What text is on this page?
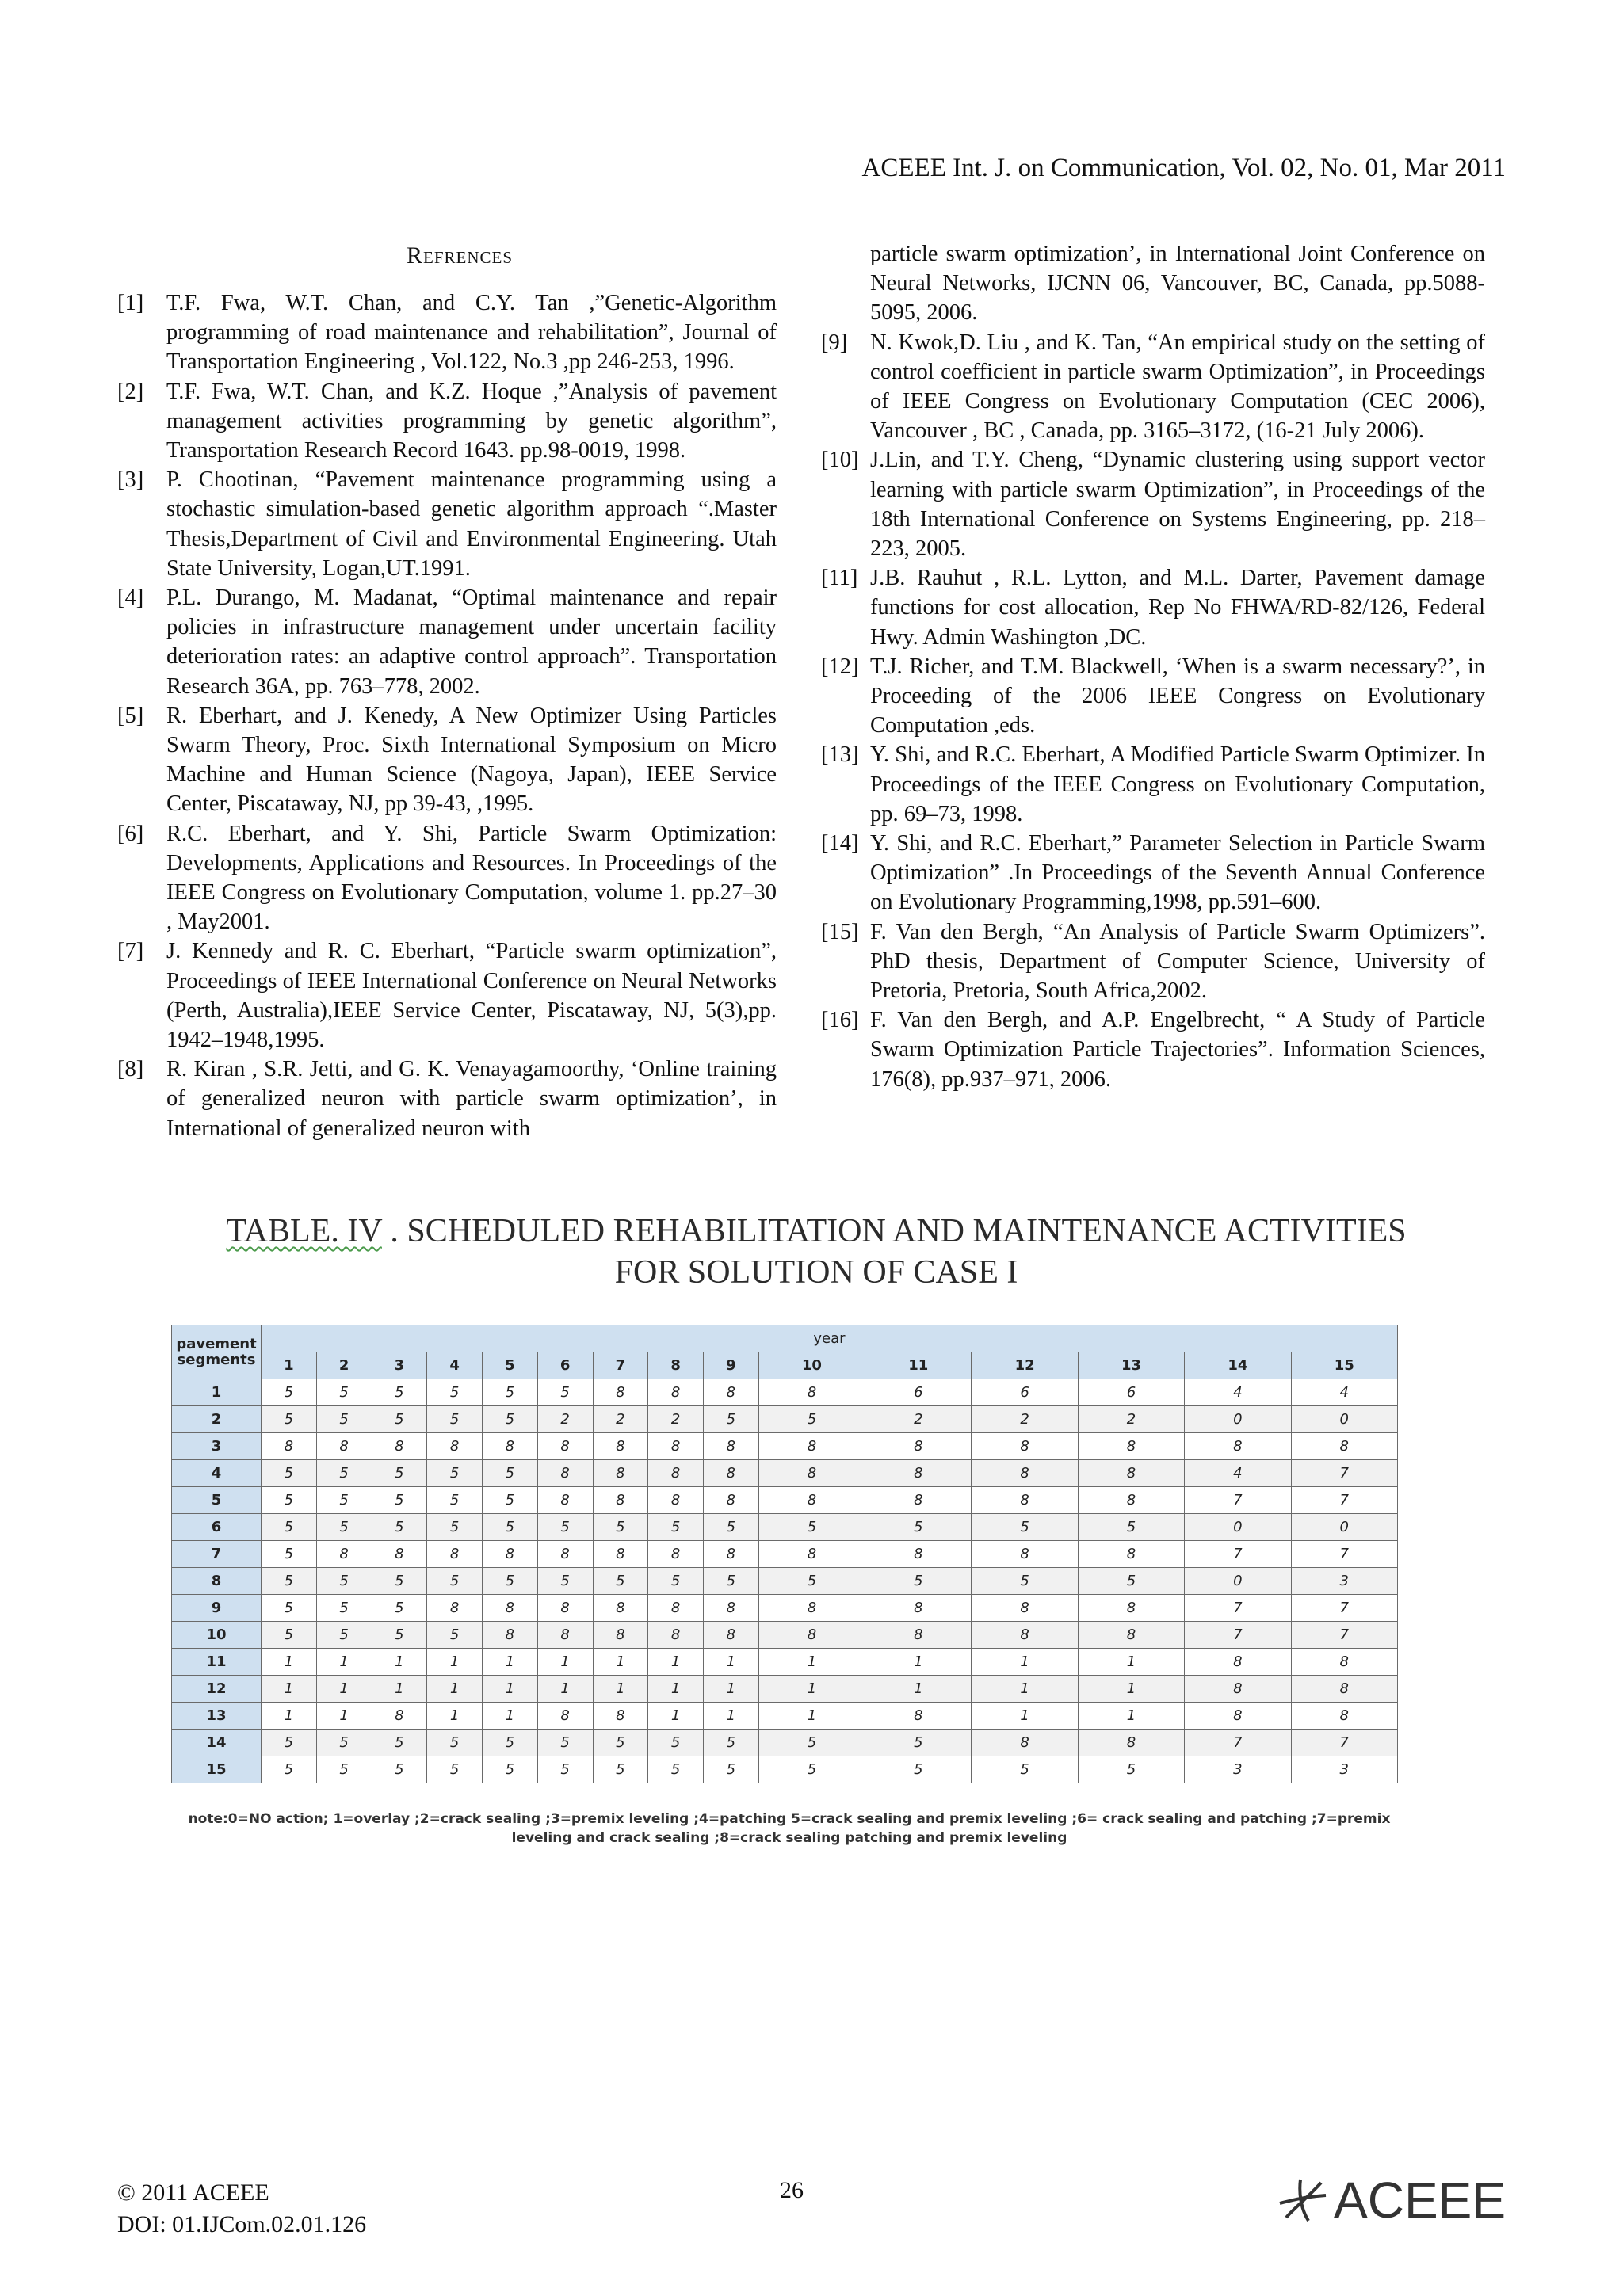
ACEEE Int. J. on Communication, Vol. 02, No. 01, Mar 2011
Refrences
[1] T.F. Fwa, W.T. Chan, and C.Y. Tan ,”Genetic-Algorithm programming of road maintenance and rehabilitation”, Journal of Transportation Engineering , Vol.122, No.3 ,pp 246-253, 1996.
[2] T.F. Fwa, W.T. Chan, and K.Z. Hoque ,”Analysis of pavement management activities programming by genetic algorithm”, Transportation Research Record 1643. pp.98-0019, 1998.
[3] P. Chootinan, “Pavement maintenance programming using a stochastic simulation-based genetic algorithm approach “.Master Thesis,Department of Civil and Environmental Engineering. Utah State University, Logan,UT.1991.
[4] P.L. Durango, M. Madanat, “Optimal maintenance and repair policies in infrastructure management under uncertain facility deterioration rates: an adaptive control approach”. Transportation Research 36A, pp. 763–778, 2002.
[5] R. Eberhart, and J. Kenedy, A New Optimizer Using Particles Swarm Theory, Proc. Sixth International Symposium on Micro Machine and Human Science (Nagoya, Japan), IEEE Service Center, Piscataway, NJ, pp 39-43, ,1995.
[6] R.C. Eberhart, and Y. Shi, Particle Swarm Optimization: Developments, Applications and Resources. In Proceedings of the IEEE Congress on Evolutionary Computation, volume 1. pp.27–30 , May2001.
[7] J. Kennedy and R. C. Eberhart, “Particle swarm optimization”, Proceedings of IEEE International Conference on Neural Networks (Perth, Australia),IEEE Service Center, Piscataway, NJ, 5(3),pp. 1942–1948,1995.
[8] R. Kiran , S.R. Jetti, and G. K. Venayagamoorthy, ‘Online training of generalized neuron with particle swarm optimization’, in International of generalized neuron with
particle swarm optimization’, in International Joint Conference on Neural Networks, IJCNN 06, Vancouver, BC, Canada, pp.5088-5095, 2006.
[9] N. Kwok,D. Liu , and K. Tan, “An empirical study on the setting of control coefficient in particle swarm Optimization”, in Proceedings of IEEE Congress on Evolutionary Computation (CEC 2006), Vancouver , BC , Canada, pp. 3165–3172, (16-21 July 2006).
[10] J.Lin, and T.Y. Cheng, “Dynamic clustering using support vector learning with particle swarm Optimization”, in Proceedings of the 18th International Conference on Systems Engineering, pp. 218–223, 2005.
[11] J.B. Rauhut , R.L. Lytton, and M.L. Darter, Pavement damage functions for cost allocation, Rep No FHWA/RD-82/126, Federal Hwy. Admin Washington ,DC.
[12] T.J. Richer, and T.M. Blackwell, ‘When is a swarm necessary?’, in Proceeding of the 2006 IEEE Congress on Evolutionary Computation ,eds.
[13] Y. Shi, and R.C. Eberhart, A Modified Particle Swarm Optimizer. In Proceedings of the IEEE Congress on Evolutionary Computation, pp. 69–73, 1998.
[14] Y. Shi, and R.C. Eberhart,” Parameter Selection in Particle Swarm Optimization” .In Proceedings of the Seventh Annual Conference on Evolutionary Programming,1998, pp.591–600.
[15] F. Van den Bergh, “An Analysis of Particle Swarm Optimizers”. PhD thesis, Department of Computer Science, University of Pretoria, Pretoria, South Africa,2002.
[16] F. Van den Bergh, and A.P. Engelbrecht, “ A Study of Particle Swarm Optimization Particle Trajectories”. Information Sciences, 176(8), pp.937–971, 2006.
TABLE. IV . SCHEDULED REHABILITATION AND MAINTENANCE ACTIVITIES
FOR SOLUTION OF CASE I
pavement segments	year														
	1	2	3	4	5	6	7	8	9	10	11	12	13	14	15
1	5	5	5	5	5	5	8	8	8	8	6	6	6	4	4
2	5	5	5	5	5	2	2	2	5	5	2	2	2	0	0
3	8	8	8	8	8	8	8	8	8	8	8	8	8	8	8
4	5	5	5	5	5	8	8	8	8	8	8	8	8	4	7
5	5	5	5	5	5	8	8	8	8	8	8	8	8	7	7
6	5	5	5	5	5	5	5	5	5	5	5	5	5	0	0
7	5	8	8	8	8	8	8	8	8	8	8	8	8	7	7
8	5	5	5	5	5	5	5	5	5	5	5	5	5	0	3
9	5	5	5	8	8	8	8	8	8	8	8	8	8	7	7
10	5	5	5	5	8	8	8	8	8	8	8	8	8	7	7
11	1	1	1	1	1	1	1	1	1	1	1	1	1	8	8
12	1	1	1	1	1	1	1	1	1	1	1	1	1	8	8
13	1	1	8	1	1	8	8	1	1	1	8	1	1	8	8
14	5	5	5	5	5	5	5	5	5	5	5	8	8	7	7
15	5	5	5	5	5	5	5	5	5	5	5	5	5	3	3
note:0=NO action; 1=overlay ;2=crack sealing ;3=premix leveling ;4=patching 5=crack sealing and premix leveling ;6= crack sealing and patching ;7=premix
leveling and crack sealing ;8=crack sealing patching and premix leveling
© 2011 ACEEE
DOI: 01.IJCom.02.01.126
26	ACEEE
